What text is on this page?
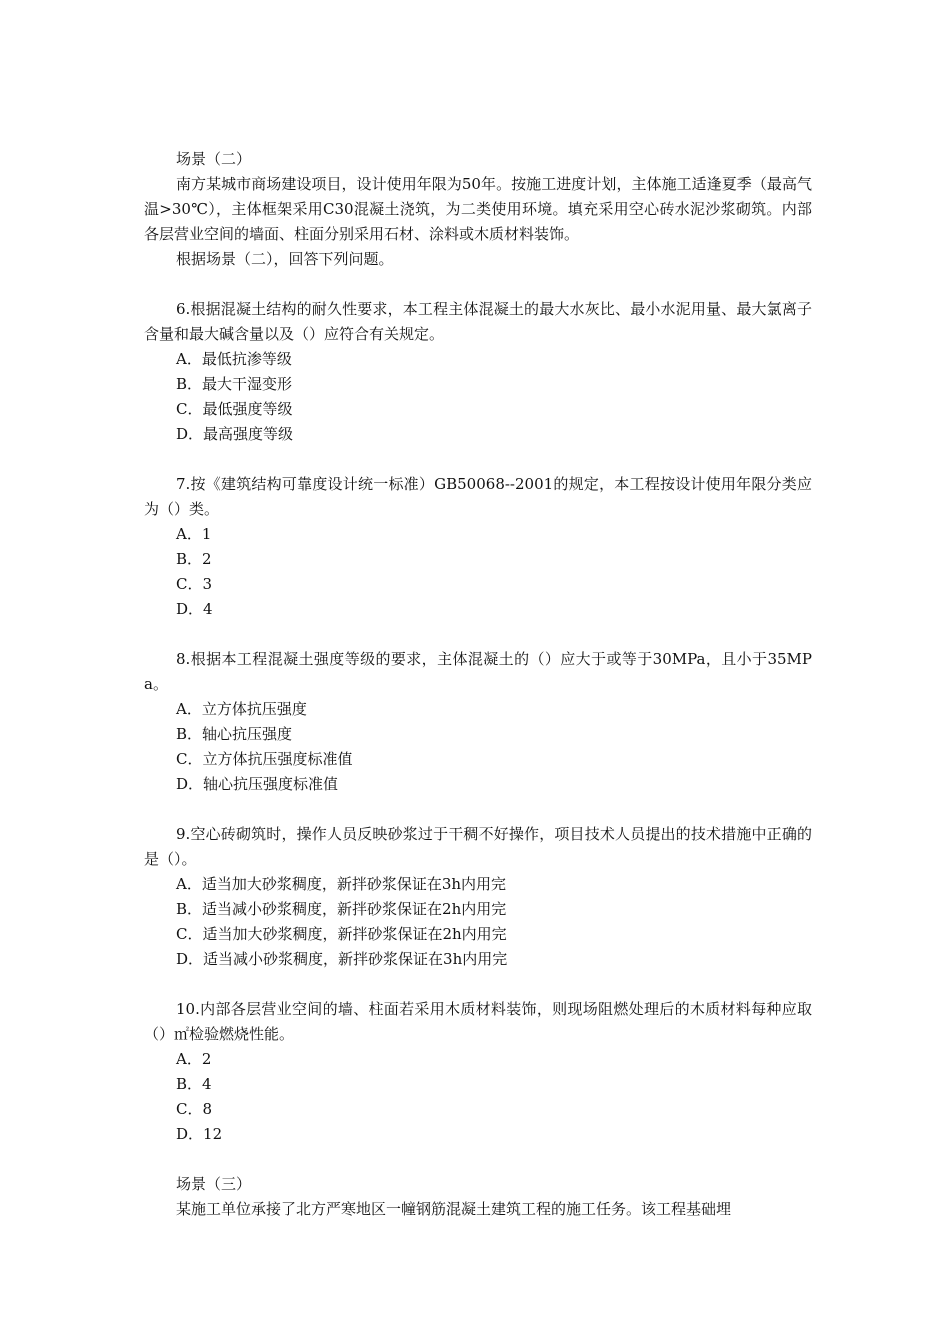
场景（二）

南方某城市商场建设项目，设计使用年限为50年。按施工进度计划，主体施工适逢夏季（最高气温>30℃），主体框架采用C30混凝土浇筑，为二类使用环境。填充采用空心砖水泥沙浆砌筑。内部各层营业空间的墙面、柱面分别采用石材、涂料或木质材料装饰。

根据场景（二），回答下列问题。

6.根据混凝土结构的耐久性要求，本工程主体混凝土的最大水灰比、最小水泥用量、最大氯离子含量和最大碱含量以及（）应符合有关规定。

A．最低抗渗等级

B．最大干湿变形

C．最低强度等级

D．最高强度等级

7.按《建筑结构可靠度设计统一标准）GB50068--2001的规定，本工程按设计使用年限分类应为（）类。

A．1

B．2

C．3

D．4

8.根据本工程混凝土强度等级的要求，主体混凝土的（）应大于或等于30MPa，且小于35MPa。

A．立方体抗压强度

B．轴心抗压强度

C．立方体抗压强度标准值

D．轴心抗压强度标准值

9.空心砖砌筑时，操作人员反映砂浆过于干稠不好操作，项目技术人员提出的技术措施中正确的是（）。

A．适当加大砂浆稠度，新拌砂浆保证在3h内用完

B．适当减小砂浆稠度，新拌砂浆保证在2h内用完

C．适当加大砂浆稠度，新拌砂浆保证在2h内用完

D．适当减小砂浆稠度，新拌砂浆保证在3h内用完

10.内部各层营业空间的墙、柱面若采用木质材料装饰，则现场阻燃处理后的木质材料每种应取（）㎡检验燃烧性能。

A．2

B．4

C．8

D．12

场景（三）

某施工单位承接了北方严寒地区一幢钢筋混凝土建筑工程的施工任务。该工程基础埋
